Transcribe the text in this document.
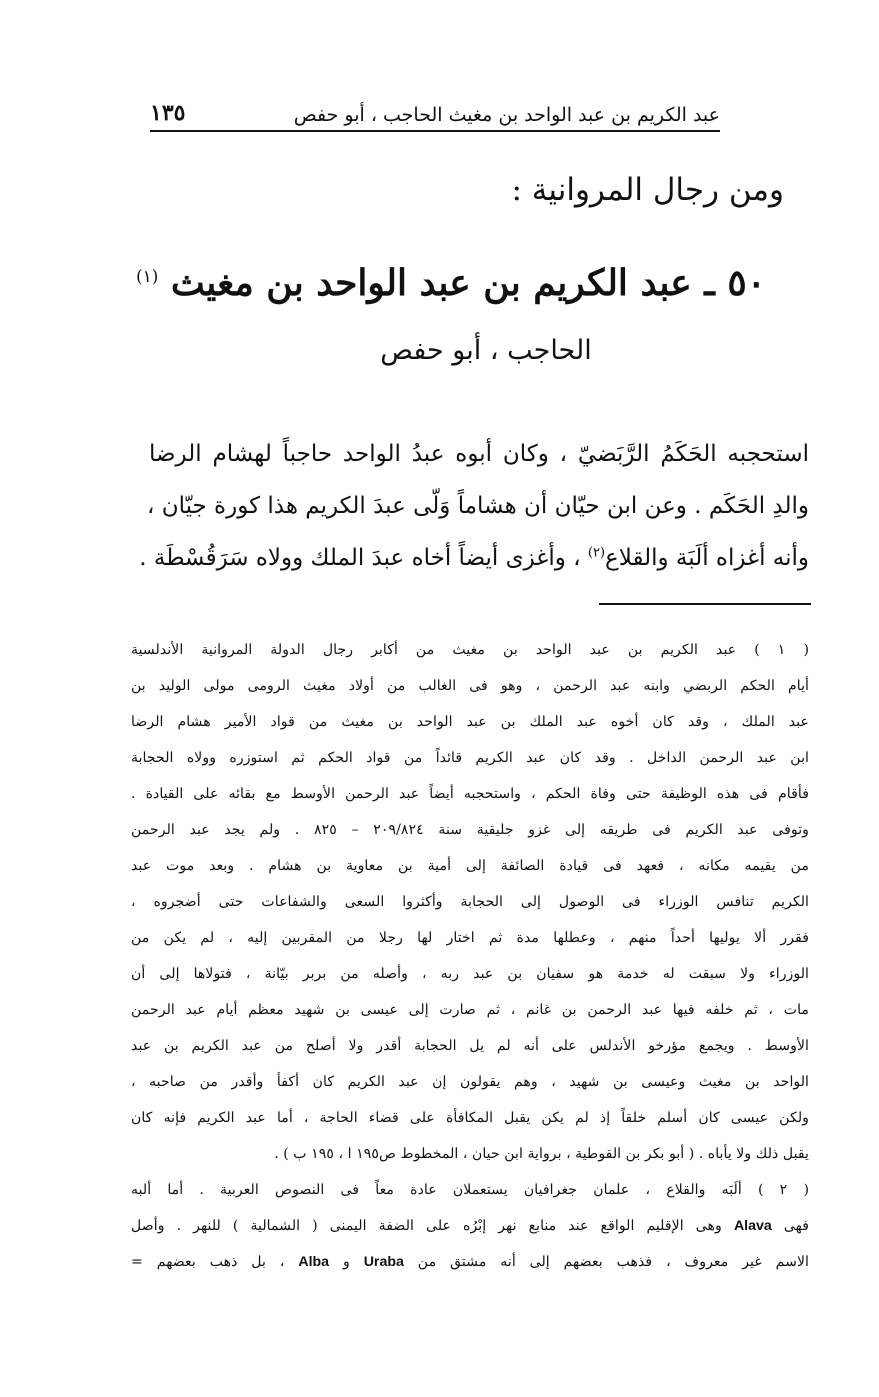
عبد الكريم بن عبد الواحد بن مغيث الحاجب ، أبو حفص
١٣٥
ومن رجال المروانية :
٥٠ ـ عبد الكريم بن عبد الواحد بن مغيث $^{(١)}$
الحاجب ، أبو حفص
استحجبه الحَكَمُ الرَّبَضيّ ، وكان أبوه عبدُ الواحد حاجباً لهشام الرضا
والدِ الحَكَم . وعن ابن حيّان أن هشاماً وَلّى عبدَ الكريم هذا كورة جيّان ،
وأنه أغزاه ألَبَة والقلاع$^{(٢)}$ ، وأغزى أيضاً أخاه عبدَ الملك وولاه سَرَقُسْطَة .
( ١ ) عبد الكريم بن عبد الواحد بن مغيث من أكابر رجال الدولة المروانية الأندلسية
أيام الحكم الربضي وابنه عبد الرحمن ، وهو فى الغالب من أولاد مغيث الرومى مولى الوليد بن
عبد الملك ، وقد كان أخوه عبد الملك بن عبد الواحد بن مغيث من قواد الأمير هشام الرضا
ابن عبد الرحمن الداخل . وقد كان عبد الكريم قائداً من قواد الحكم ثم استوزره وولاه الحجابة
فأقام فى هذه الوظيفة حتى وفاة الحكم ، واستحجبه أيضاً عبد الرحمن الأوسط مع بقائه على القيادة .
وتوفى عبد الكريم فى طريقه إلى غزو جليقية سنة ٢٠٩/٨٢٤ – ٨٢٥ . ولم يجد عبد الرحمن
من يقيمه مكانه ، فعهد فى قيادة الصائفة إلى أمية بن معاوية بن هشام . وبعد موت عبد
الكريم تنافس الوزراء فى الوصول إلى الحجابة وأكثروا السعى والشفاعات حتى أضجروه ،
فقرر ألا يوليها أحداً منهم ، وعطلها مدة ثم اختار لها رجلا من المقربين إليه ، لم يكن من
الوزراء ولا سبقت له خدمة هو سفيان بن عبد ربه ، وأصله من بربر بيّانة ، فتولاها إلى أن
مات ، ثم خلفه فيها عبد الرحمن بن غانم ، ثم صارت إلى عيسى بن شهيد معظم أيام عبد الرحمن
الأوسط . ويجمع مؤرخو الأندلس على أنه لم يل الحجابة أقدر ولا أصلح من عبد الكريم بن عبد
الواحد بن مغيث وعيسى بن شهيد ، وهم يقولون إن عبد الكريم كان أكفأ وأقدر من صاحبه ،
ولكن عيسى كان أسلم خلقاً إذ لم يكن يقبل المكافأة على قضاء الحاجة ، أما عبد الكريم فإنه كان
يقبل ذلك ولا يأباه . ( أبو بكر بن القوطية ، برواية ابن حيان ، المخطوط ص١٩٥ ا ، ١٩٥ ب ) .
( ٢ ) ألَبَه والقلاع ، علمان جغرافيان يستعملان عادة معاً فى النصوص العربية . أما ألبه
فهى Alava وهى الإقليم الواقع عند منابع نهر إبْرُه على الضفة اليمنى ( الشمالية ) للنهر . وأصل
الاسم غير معروف ، فذهب بعضهم إلى أنه مشتق من Uraba و Alba ، بل ذهب بعضهم =
